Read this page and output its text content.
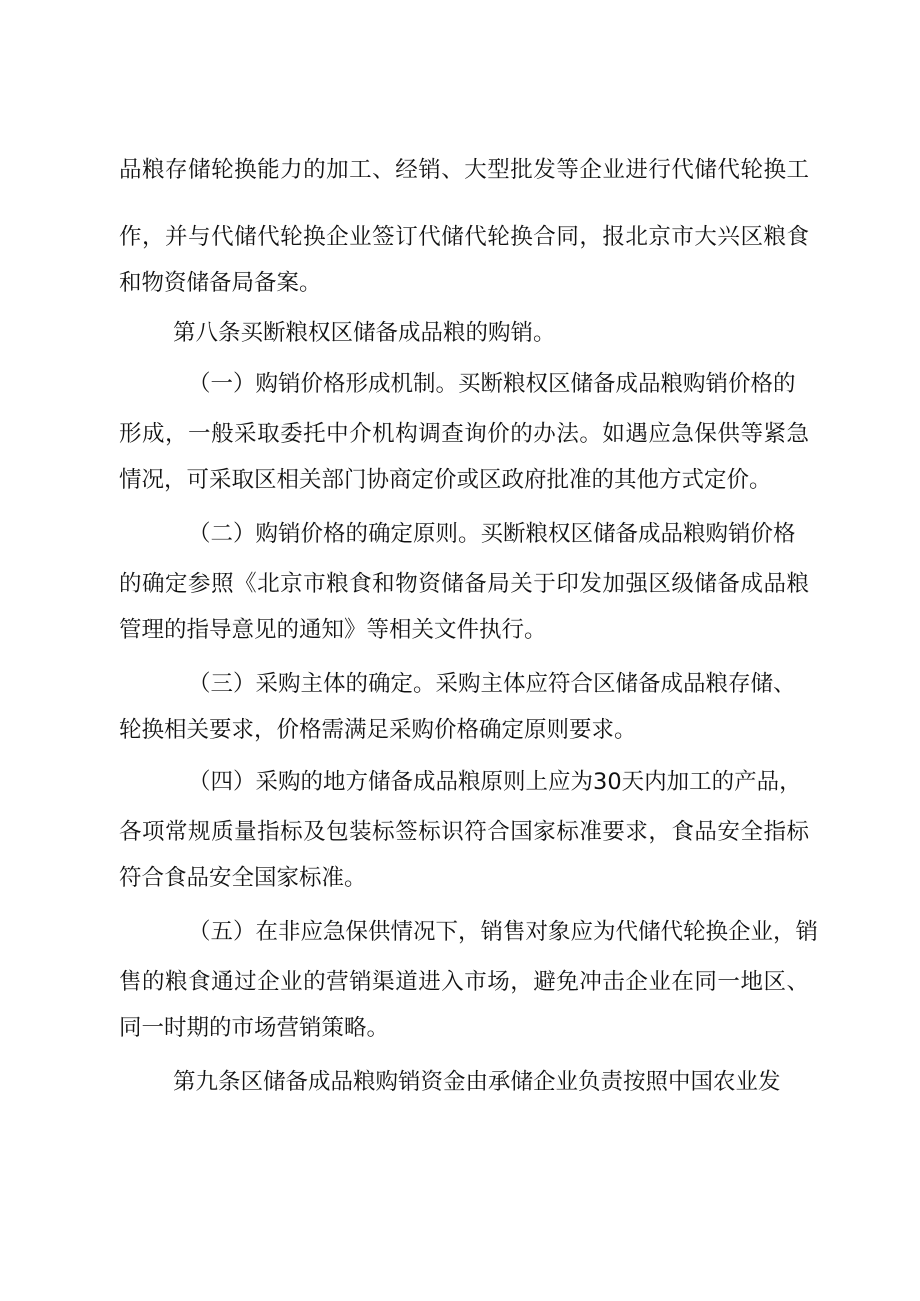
品粮存储轮换能力的加工、经销、大型批发等企业进行代储代轮换工
作，并与代储代轮换企业签订代储代轮换合同，报北京市大兴区粮食
和物资储备局备案。
第八条买断粮权区储备成品粮的购销。
（一）购销价格形成机制。买断粮权区储备成品粮购销价格的
形成，一般采取委托中介机构调查询价的办法。如遇应急保供等紧急
情况，可采取区相关部门协商定价或区政府批准的其他方式定价。
（二）购销价格的确定原则。买断粮权区储备成品粮购销价格
的确定参照《北京市粮食和物资储备局关于印发加强区级储备成品粮
管理的指导意见的通知》等相关文件执行。
（三）采购主体的确定。采购主体应符合区储备成品粮存储、
轮换相关要求，价格需满足采购价格确定原则要求。
（四）采购的地方储备成品粮原则上应为30天内加工的产品，
各项常规质量指标及包装标签标识符合国家标准要求，食品安全指标
符合食品安全国家标准。
（五）在非应急保供情况下，销售对象应为代储代轮换企业，销
售的粮食通过企业的营销渠道进入市场，避免冲击企业在同一地区、
同一时期的市场营销策略。
第九条区储备成品粮购销资金由承储企业负责按照中国农业发
